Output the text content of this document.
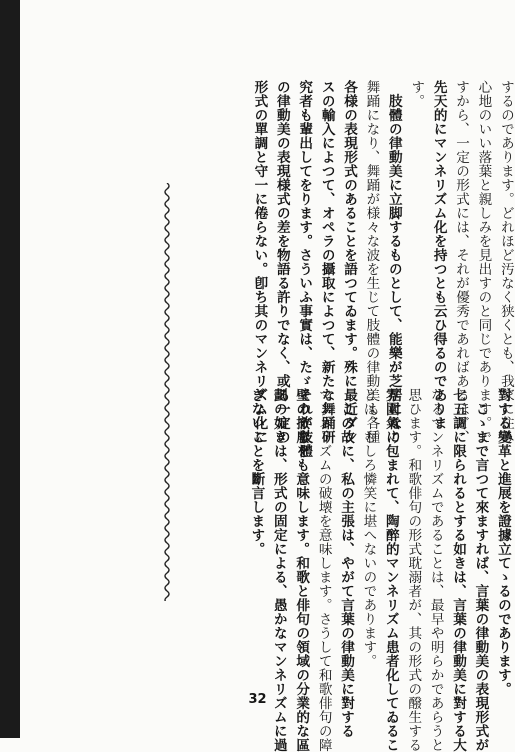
するのであります。どれほど汚なく狭くとも、我家に住み

心地のいい落葉と親しみを見出すのと同じであります。で

すから、一定の形式には、それが優秀であればあるほど、

先天的にマンネリズム化を持つとも云ひ得るのでありま

す。

肢體の律動美に立脚するものとして、能樂が芝居になり

舞踊になり、舞踊が様々な波を生じて肢體の律動美も各種

各様の表現形式のあることを語つてゐます。殊に最近ダン

スの輸入によつて、オペラの攝取によつて、新たな舞踊研

究者も輩出してをります。さういふ事實は、たゞそれが肢體

の律動美の表現様式の差を物語る許りでなく、或る一定の

形式の單調と守一に倦らない。卽ち其のマンネリズム化に

對する變革と進展を證據立てゝるのであります。

こゝまで言つて來ますれば、言葉の律動美の表現形式が

七五調に限られるとする如きは、言葉の律動美に對する大

なるマンネリズムであることは、最早や明らかであらうと

思ひます。和歌俳句の形式耽溺者が、其の形式の醱生する

雰圍氣に包まれて、陶醉的マンネリズム患者化してゐるこ

とは、むしろ憐笑に堪へないのであります。

この故に、私の主張は、やがて言葉の律動美に對する

マンネリズムの破壊を意味します。さうして和歌俳句の障

壁の撤廢をも意味します。和歌と俳句の領域の分業的な區

劃の如きは、形式の固定による、愚かなマンネリズムに過

ぎないことを斷言します。

32
